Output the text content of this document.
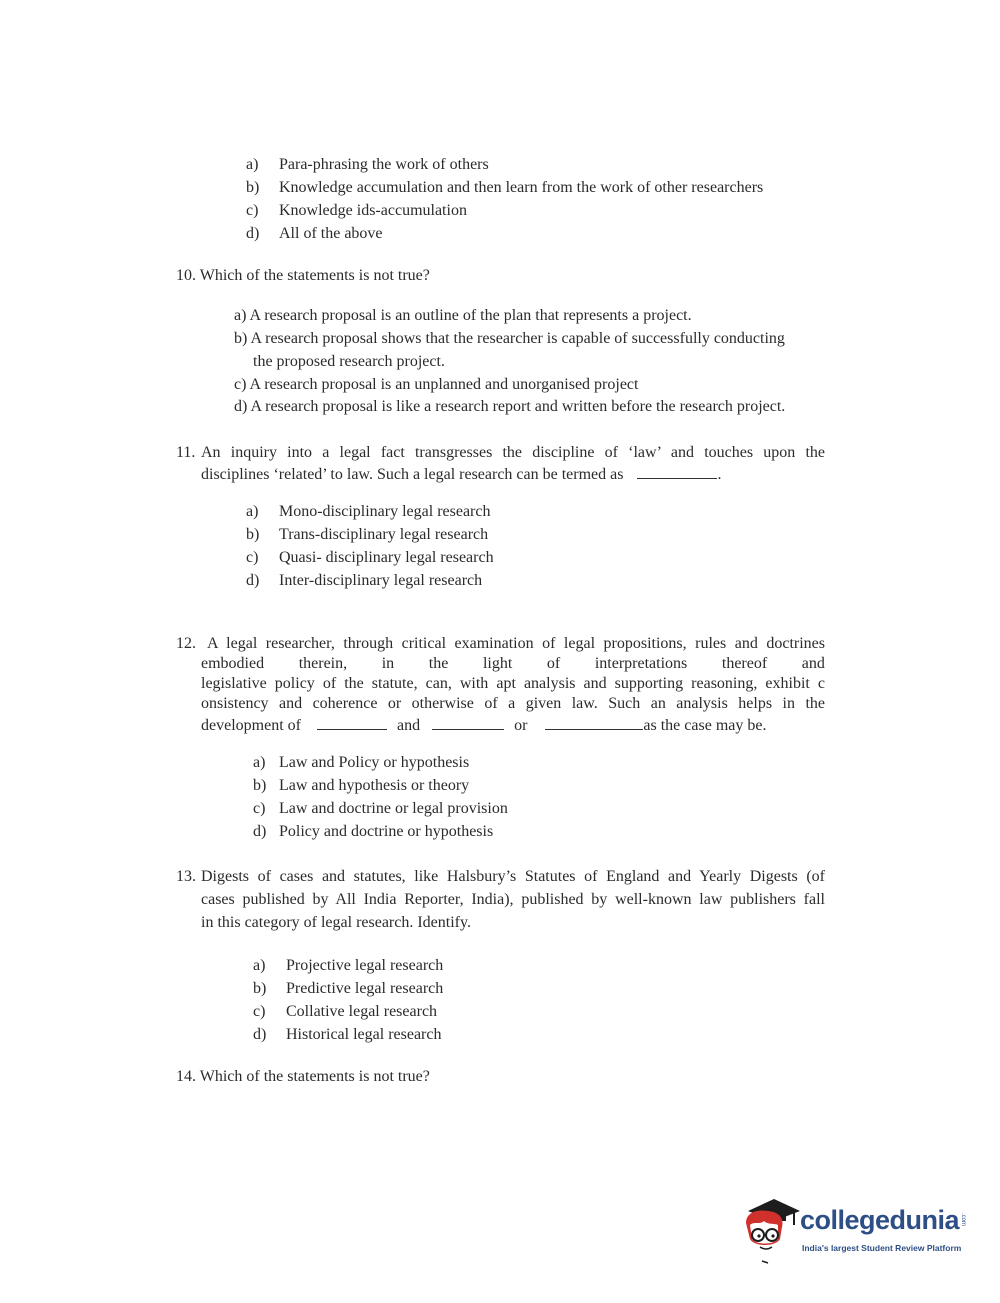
a) Para-phrasing the work of others
b) Knowledge accumulation and then learn from the work of other researchers
c) Knowledge ids-accumulation
d) All of the above
10. Which of the statements is not true?
a) A research proposal is an outline of the plan that represents a project.
b) A research proposal shows that the researcher is capable of successfully conducting
the proposed research project.
c) A research proposal is an unplanned and unorganised project
d) A research proposal is like a research report and written before the research project.
11. An inquiry into a legal fact transgresses the discipline of ‘law’ and touches upon the
disciplines ‘related’ to law. Such a legal research can be termed as	.
a) Mono-disciplinary legal research
b) Trans-disciplinary legal research
c) Quasi- disciplinary legal research
d) Inter-disciplinary legal research
12. A legal researcher, through critical examination of legal propositions, rules and doctrines
embodied therein, in the light of interpretations thereof and
legislative policy of the statute, can, with apt analysis and supporting reasoning, exhibit c
onsistency and coherence or otherwise of a given law. Such an analysis helps in the
development of	and	or	as the case may be.
a) Law and Policy or hypothesis
b) Law and hypothesis or theory
c) Law and doctrine or legal provision
d) Policy and doctrine or hypothesis
13. Digests of cases and statutes, like Halsbury’s Statutes of England and Yearly Digests (of
cases published by All India Reporter, India), published by well-known law publishers fall
in this category of legal research. Identify.
a) Projective legal research
b) Predictive legal research
c) Collative legal research
d) Historical legal research
14. Which of the statements is not true?
collegedunia .com
India's largest Student Review Platform
